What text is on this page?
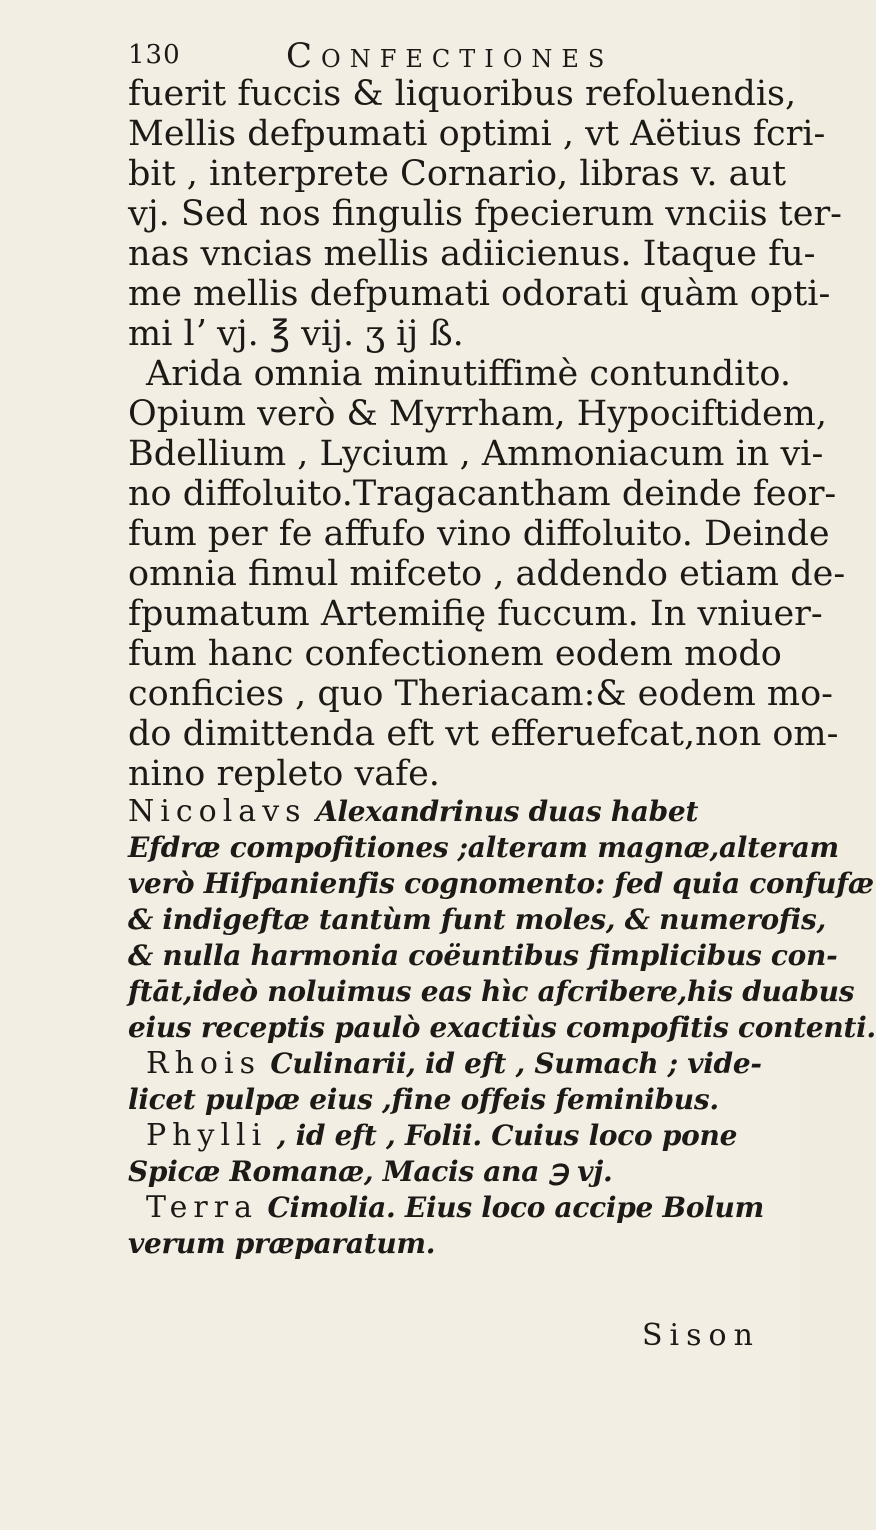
130	Confectiones
fuerit fuccis & liquoribus refoluendis,
Mellis defpumati optimi , vt Aëtius fcri-
bit , interprete Cornario, libras v. aut
vj. Sed nos fingulis fpecierum vnciis ter-
nas vncias mellis adiicienus. Itaque fu-
me mellis defpumati odorati quàm opti-
mi lʼ vj. ℥ vij. ʒ ij ß.
Arida omnia minutiffimè contundito.
Opium verò & Myrrham, Hypociftidem,
Bdellium , Lycium , Ammoniacum in vi-
no diffoluito.Tragacantham deinde feor-
fum per fe affufo vino diffoluito. Deinde
omnia fimul mifceto , addendo etiam de-
fpumatum Artemifię fuccum. In vniuer-
fum hanc confectionem eodem modo
conficies , quo Theriacam:& eodem mo-
do dimittenda eft vt efferuefcat,non om-
nino repleto vafe.
Nicolavs Alexandrinus duas habet
Efdræ compofitiones ;alteram magnæ,alteram
verò Hifpanienfis cognomento: fed quia confufæ
& indigeftæ tantùm funt moles, & numerofis,
& nulla harmonia coëuntibus fimplicibus con-
ftāt,ideò noluimus eas hìc afcribere,his duabus
eius receptis paulò exactiùs compofitis contenti.
Rhois Culinarii, id eft , Sumach ; vide-
licet pulpæ eius ,fine offeis feminibus.
Phylli , id eft , Folii. Cuius loco pone
Spicæ Romanæ, Macis ana ℈ vj.
Terra Cimolia. Eius loco accipe Bolum
verum præparatum.
Sison
